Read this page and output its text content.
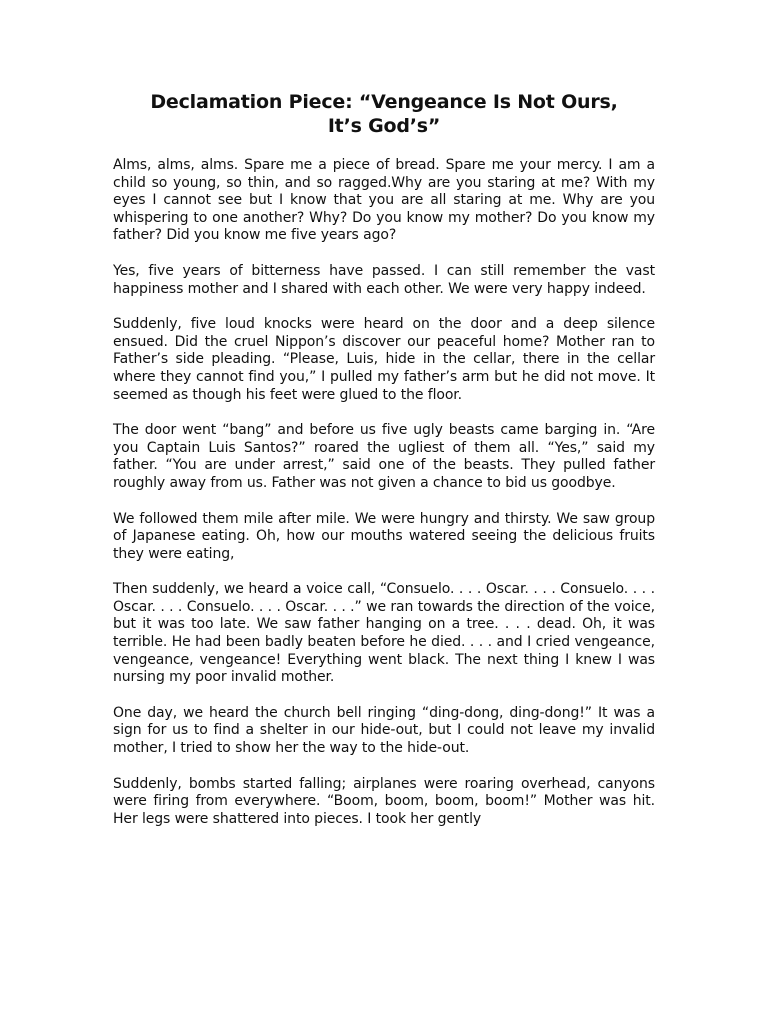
Declamation Piece: “Vengeance Is Not Ours,
It’s God’s”

Alms, alms, alms. Spare me a piece of bread. Spare me your mercy. I am a child so young, so thin, and so ragged.Why are you staring at me? With my eyes I cannot see but I know that you are all staring at me. Why are you whispering to one another? Why? Do you know my mother? Do you know my father? Did you know me five years ago?

Yes, five years of bitterness have passed. I can still remember the vast happiness mother and I shared with each other. We were very happy indeed.

Suddenly, five loud knocks were heard on the door and a deep silence ensued. Did the cruel Nippon’s discover our peaceful home? Mother ran to Father’s side pleading. “Please, Luis, hide in the cellar, there in the cellar where they cannot find you,” I pulled my father’s arm but he did not move. It seemed as though his feet were glued to the floor.

The door went “bang” and before us five ugly beasts came barging in. “Are you Captain Luis Santos?” roared the ugliest of them all. “Yes,” said my father. “You are under arrest,” said one of the beasts. They pulled father roughly away from us. Father was not given a chance to bid us goodbye.

We followed them mile after mile. We were hungry and thirsty. We saw group of Japanese eating. Oh, how our mouths watered seeing the delicious fruits they were eating,

Then suddenly, we heard a voice call, “Consuelo. . . . Oscar. . . . Consuelo. . . . Oscar. . . . Consuelo. . . . Oscar. . . .” we ran towards the direction of the voice, but it was too late. We saw father hanging on a tree. . . . dead. Oh, it was terrible. He had been badly beaten before he died. . . . and I cried vengeance, vengeance, vengeance! Everything went black. The next thing I knew I was nursing my poor invalid mother.

One day, we heard the church bell ringing “ding-dong, ding-dong!” It was a sign for us to find a shelter in our hide-out, but I could not leave my invalid mother, I tried to show her the way to the hide-out.

Suddenly, bombs started falling; airplanes were roaring overhead, canyons were firing from everywhere. “Boom, boom, boom, boom!” Mother was hit. Her legs were shattered into pieces. I took her gently
